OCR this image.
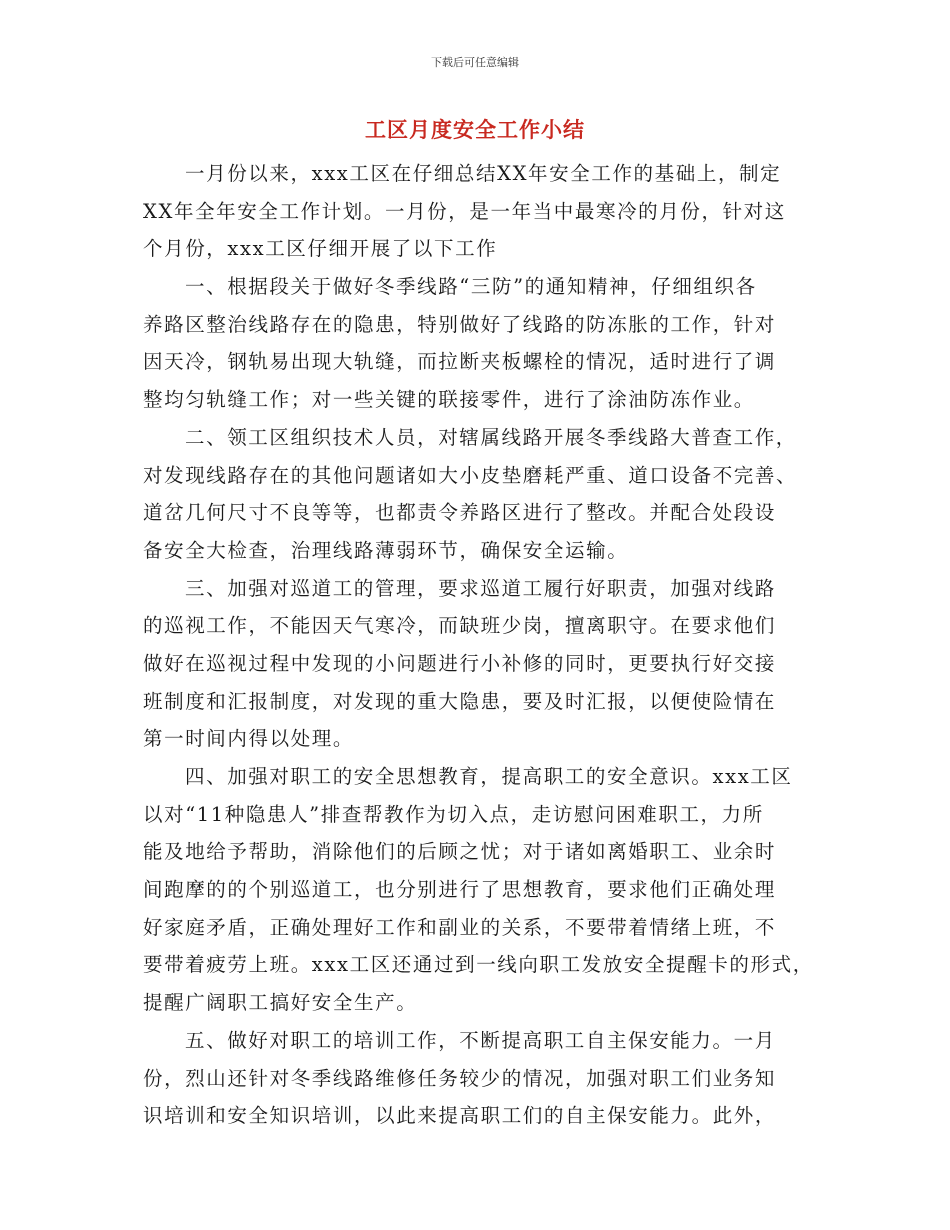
下载后可任意编辑
工区月度安全工作小结
一月份以来，xxx工区在仔细总结XX年安全工作的基础上，制定
XX年全年安全工作计划。一月份，是一年当中最寒冷的月份，针对这
个月份，xxx工区仔细开展了以下工作
一、根据段关于做好冬季线路“三防”的通知精神，仔细组织各
养路区整治线路存在的隐患，特别做好了线路的防冻胀的工作，针对
因天冷，钢轨易出现大轨缝，而拉断夹板螺栓的情况，适时进行了调
整均匀轨缝工作；对一些关键的联接零件，进行了涂油防冻作业。
二、领工区组织技术人员，对辖属线路开展冬季线路大普查工作，
对发现线路存在的其他问题诸如大小皮垫磨耗严重、道口设备不完善、
道岔几何尺寸不良等等，也都责令养路区进行了整改。并配合处段设
备安全大检查，治理线路薄弱环节，确保安全运输。
三、加强对巡道工的管理，要求巡道工履行好职责，加强对线路
的巡视工作，不能因天气寒冷，而缺班少岗，擅离职守。在要求他们
做好在巡视过程中发现的小问题进行小补修的同时，更要执行好交接
班制度和汇报制度，对发现的重大隐患，要及时汇报，以便使险情在
第一时间内得以处理。
四、加强对职工的安全思想教育，提高职工的安全意识。xxx工区
以对“11种隐患人”排查帮教作为切入点，走访慰问困难职工，力所
能及地给予帮助，消除他们的后顾之忧；对于诸如离婚职工、业余时
间跑摩的的个别巡道工，也分别进行了思想教育，要求他们正确处理
好家庭矛盾，正确处理好工作和副业的关系，不要带着情绪上班，不
要带着疲劳上班。xxx工区还通过到一线向职工发放安全提醒卡的形式，
提醒广阔职工搞好安全生产。
五、做好对职工的培训工作，不断提高职工自主保安能力。一月
份，烈山还针对冬季线路维修任务较少的情况，加强对职工们业务知
识培训和安全知识培训，以此来提高职工们的自主保安能力。此外，
